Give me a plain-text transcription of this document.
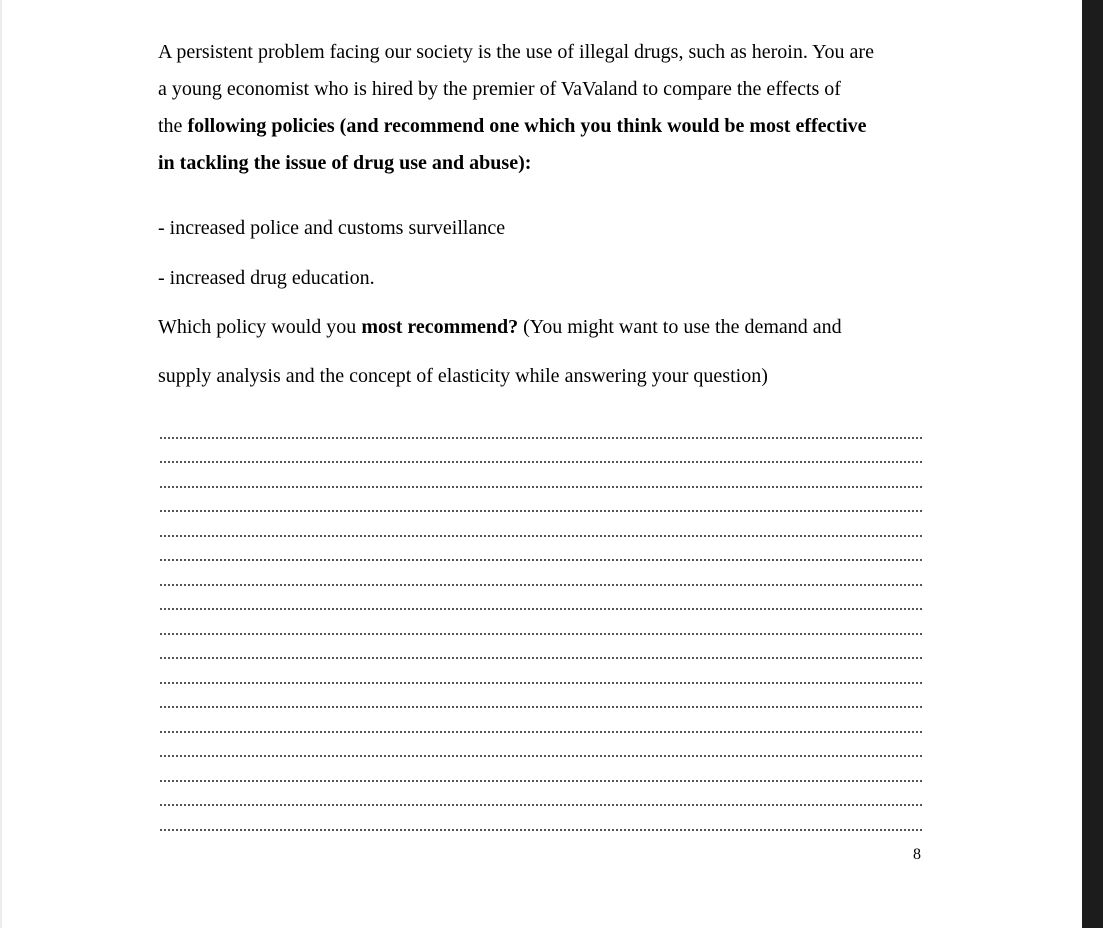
A persistent problem facing our society is the use of illegal drugs, such as heroin. You are
a young economist who is hired by the premier of VaValand to compare the effects of
the following policies (and recommend one which you think would be most effective
in tackling the issue of drug use and abuse):

- increased police and customs surveillance
- increased drug education.
Which policy would you most recommend? (You might want to use the demand and
supply analysis and the concept of elasticity while answering your question)
8
